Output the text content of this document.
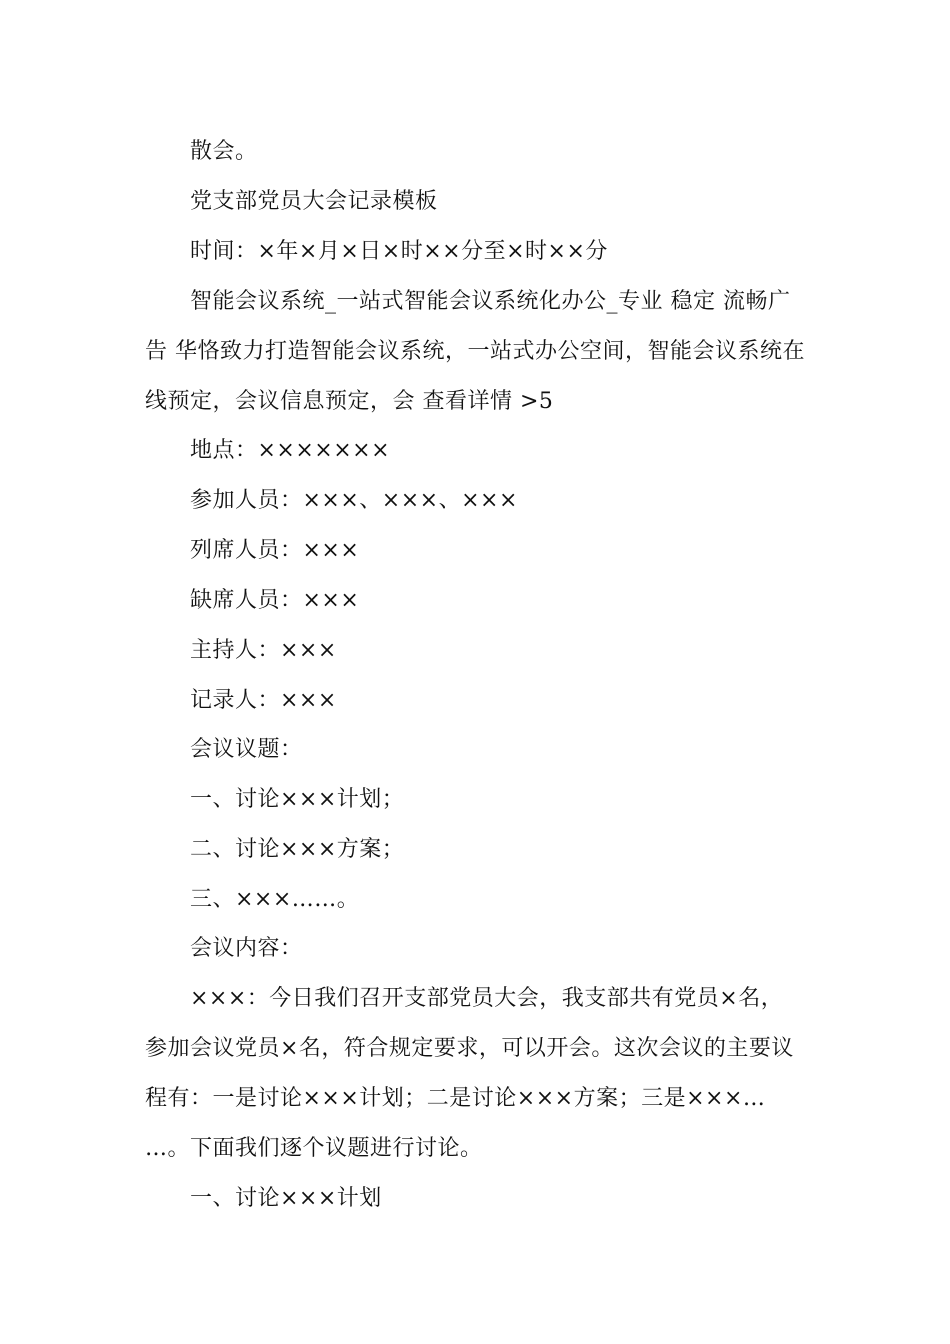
散会。
党支部党员大会记录模板
时间：×年×月×日×时××分至×时××分
智能会议系统_一站式智能会议系统化办公_专业 稳定 流畅广
告 华恪致力打造智能会议系统，一站式办公空间，智能会议系统在
线预定，会议信息预定，会 查看详情 >5
地点：×××××××
参加人员：×××、×××、×××
列席人员：×××
缺席人员：×××
主持人：×××
记录人：×××
会议议题：
一、讨论×××计划；
二、讨论×××方案；
三、×××……。
会议内容：
×××：今日我们召开支部党员大会，我支部共有党员×名，
参加会议党员×名，符合规定要求，可以开会。这次会议的主要议
程有：一是讨论×××计划；二是讨论×××方案；三是×××…
…。下面我们逐个议题进行讨论。
一、讨论×××计划
